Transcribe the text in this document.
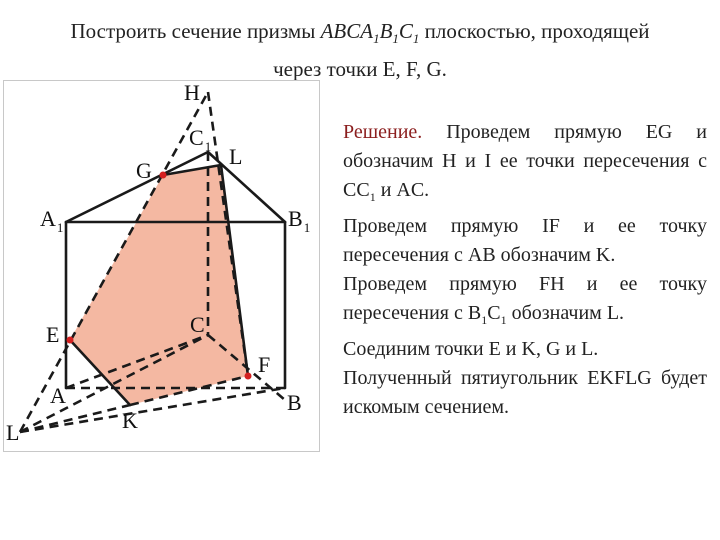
Построить сечение призмы $ABCA_1B_1C_1$ плоскостью, проходящей
через точки E, F, G.
H
$C_1$ L
G
$A_1$	$B_1$
C
E
F
A
K
B
L

Решение. Проведем прямую EG и обозначим H и I ее точки пересечения с $CC_1$ и AC.

Проведем прямую IF и ее точку пересечения с AB обозначим K.

Проведем прямую FH и ее точку пересечения с $B_1C_1$ обозначим L.

Соединим точки E и K, G и L.

Полученный пятиугольник EKFLG будет искомым сечением.
